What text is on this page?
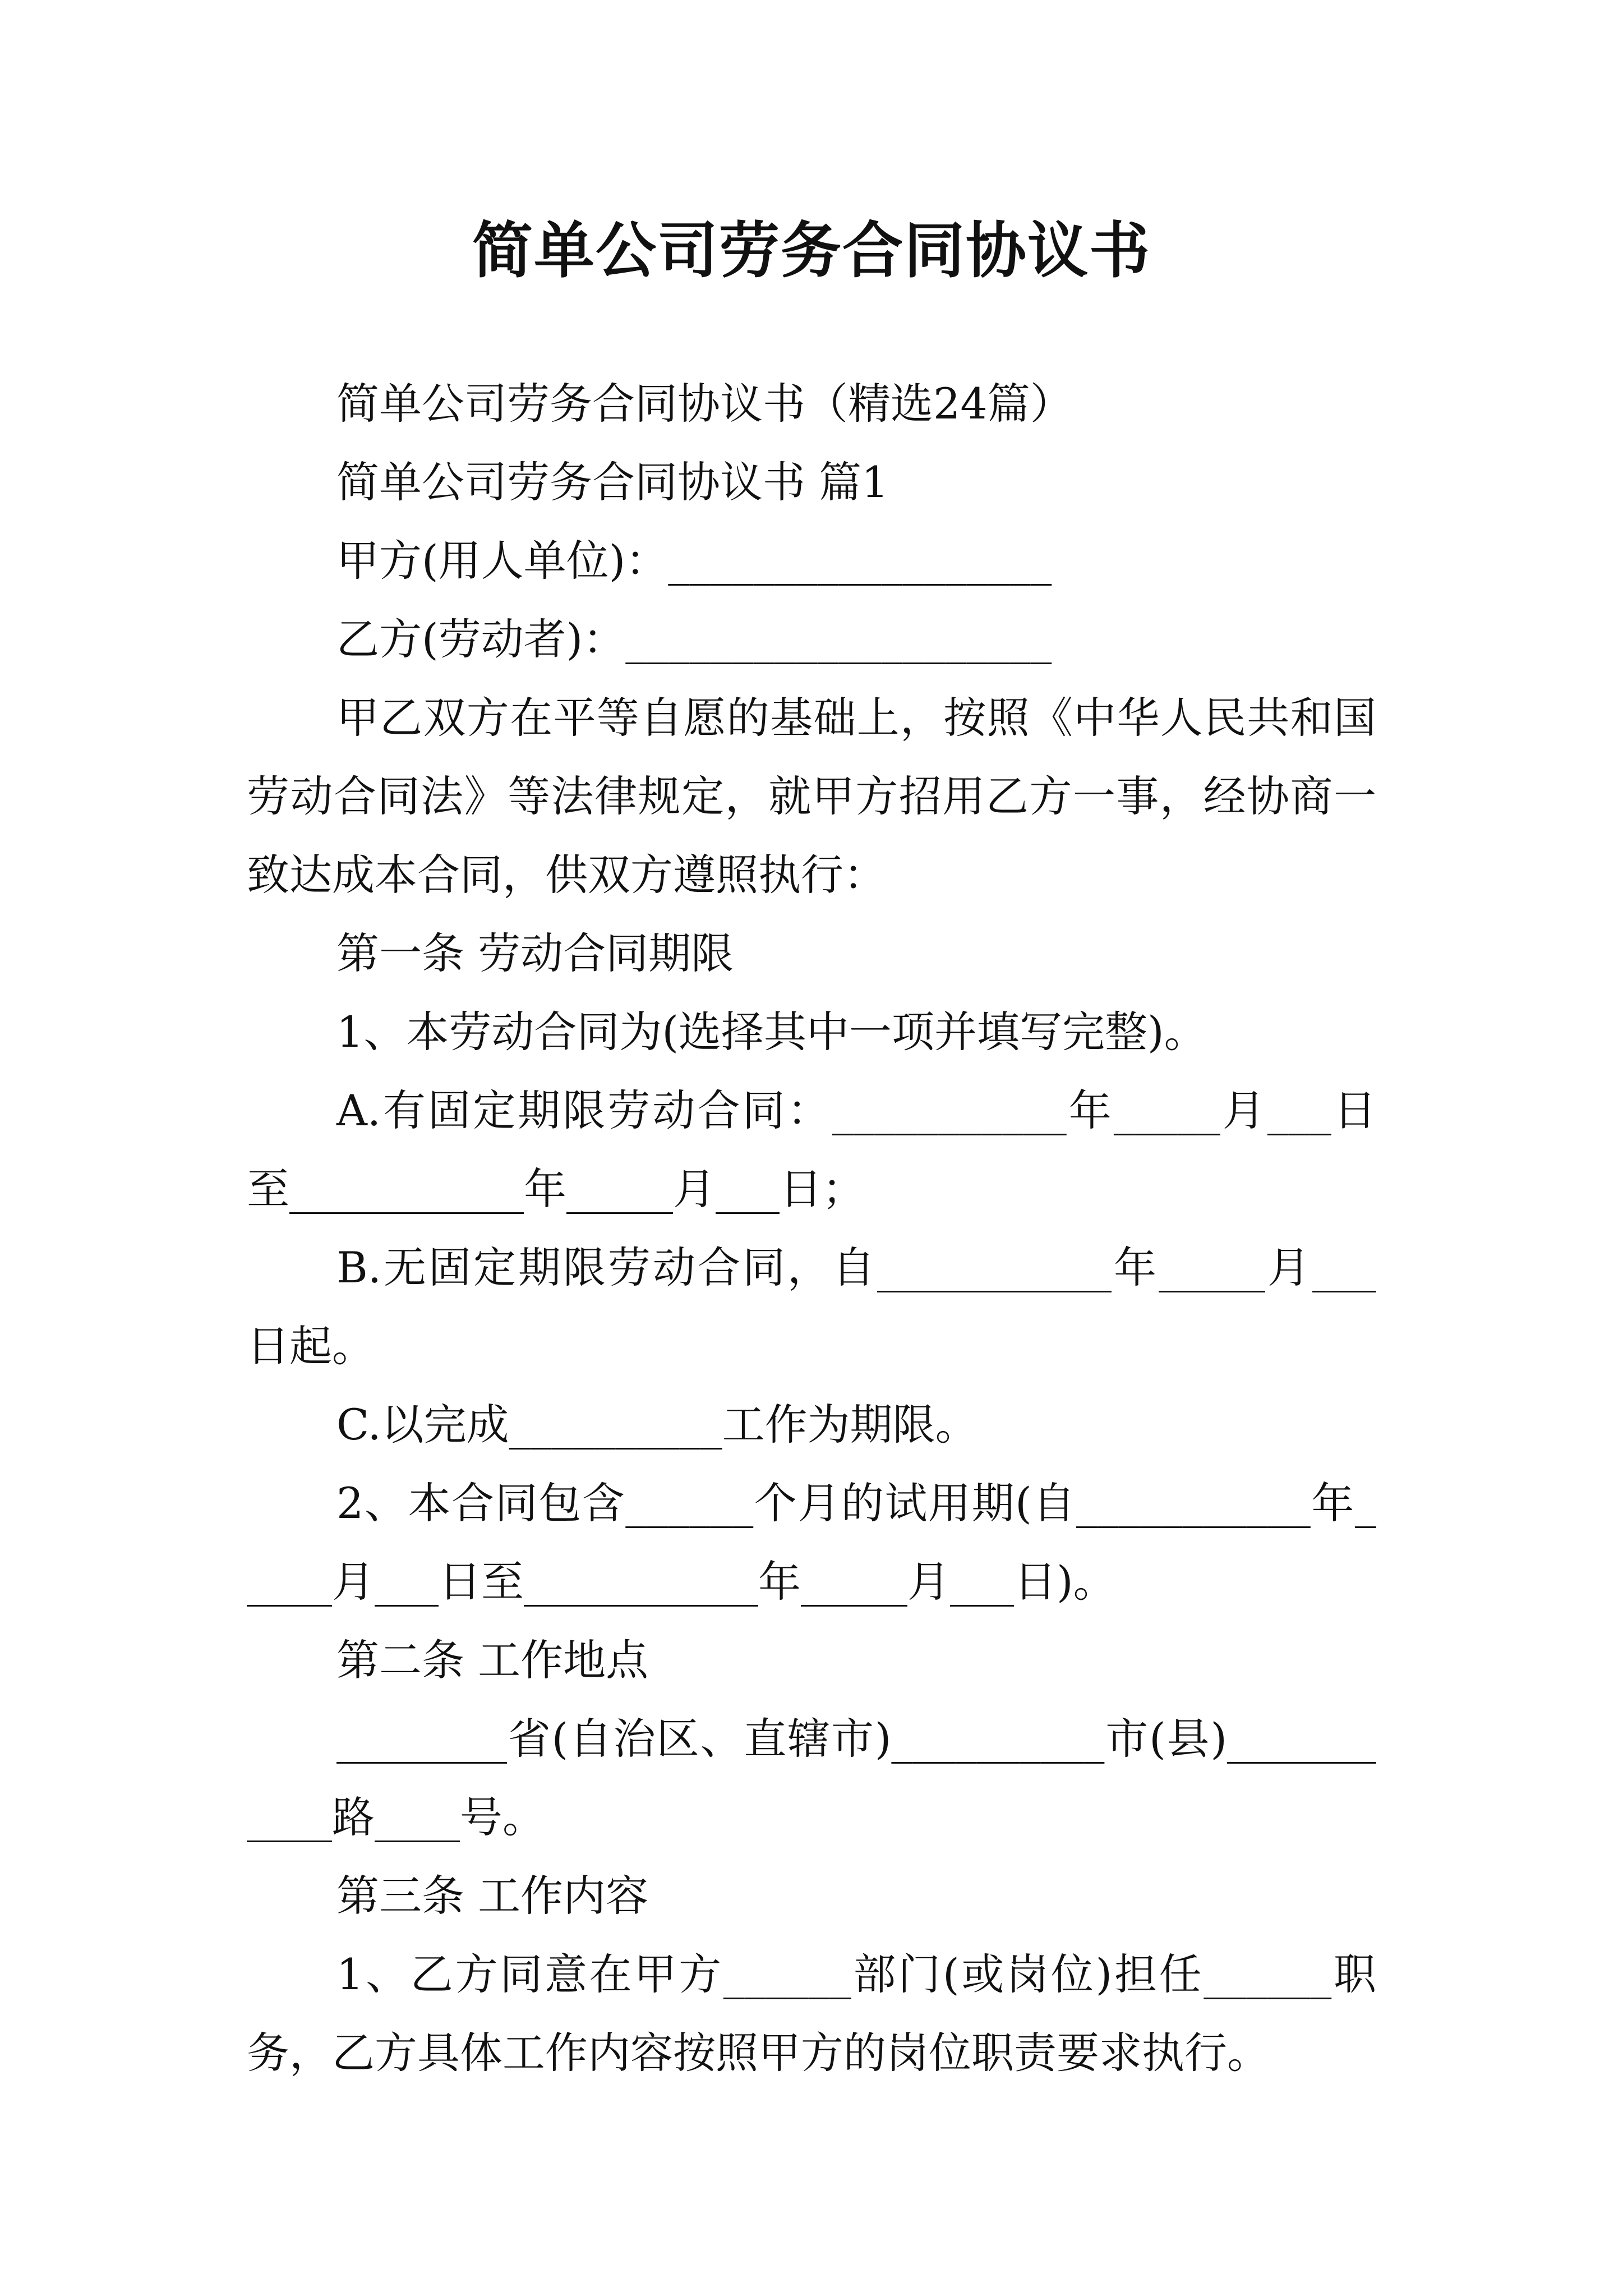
简单公司劳务合同协议书

简单公司劳务合同协议书（精选24篇）

简单公司劳务合同协议书 篇1

甲方(用人单位)：__________________

乙方(劳动者)：____________________

甲乙双方在平等自愿的基础上，按照《中华人民共和国劳动合同法》等法律规定，就甲方招用乙方一事，经协商一致达成本合同，供双方遵照执行：

第一条 劳动合同期限

1、本劳动合同为(选择其中一项并填写完整)。

A.有固定期限劳动合同：___________年_____月___日至___________年_____月___日；

B.无固定期限劳动合同，自___________年_____月___日起。

C.以完成__________工作为期限。

2、本合同包含______个月的试用期(自___________年_____月___日至___________年_____月___日)。

第二条 工作地点

________省(自治区、直辖市)__________市(县)___________路____号。

第三条 工作内容

1、乙方同意在甲方______部门(或岗位)担任______职务，乙方具体工作内容按照甲方的岗位职责要求执行。
